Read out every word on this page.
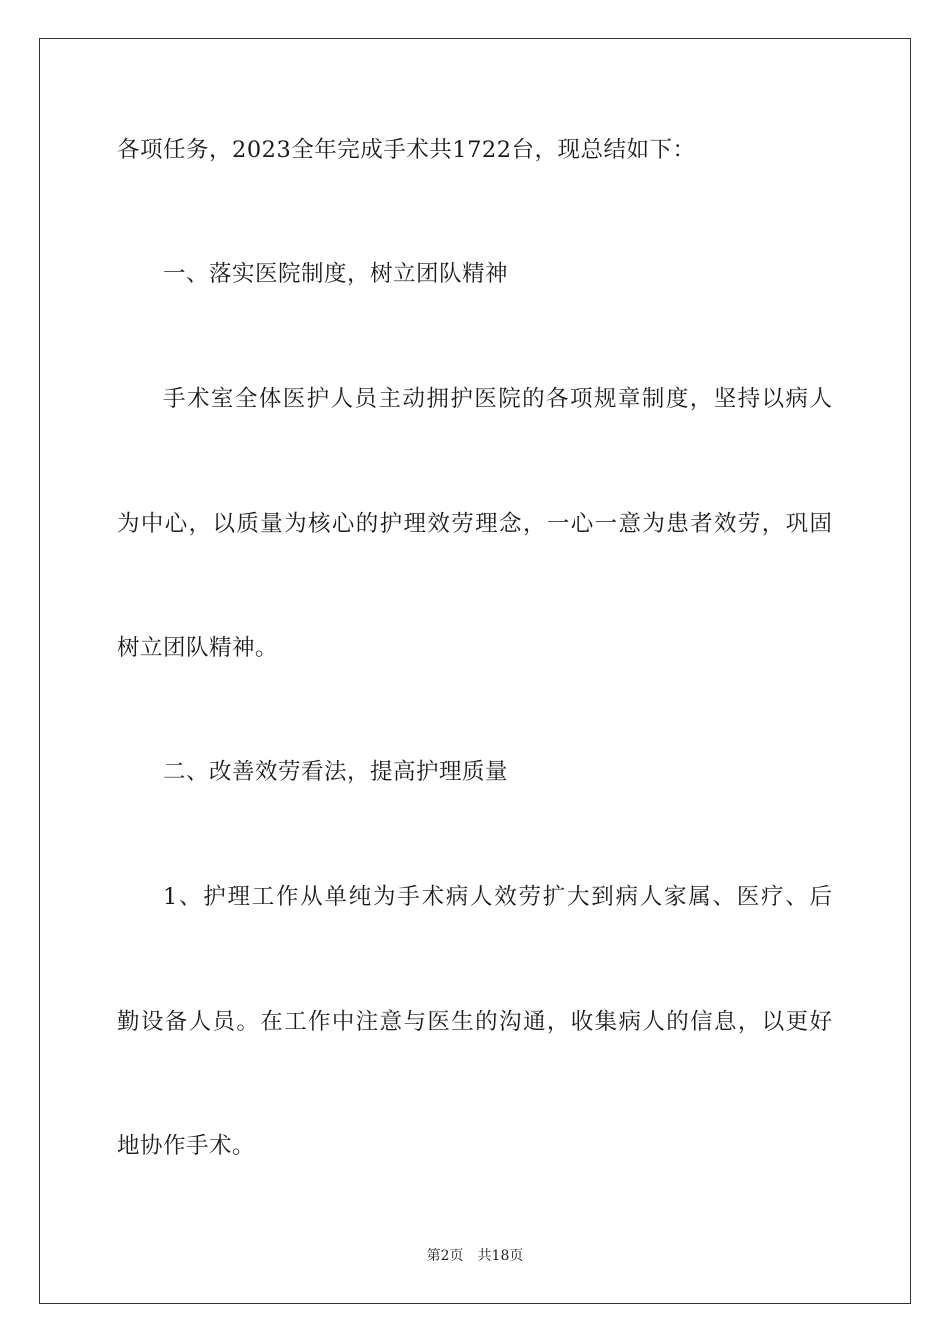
各项任务，2023全年完成手术共1722台，现总结如下：
一、落实医院制度，树立团队精神
手术室全体医护人员主动拥护医院的各项规章制度，坚持以病人
为中心，以质量为核心的护理效劳理念，一心一意为患者效劳，巩固
树立团队精神。
二、改善效劳看法，提高护理质量
1、护理工作从单纯为手术病人效劳扩大到病人家属、医疗、后
勤设备人员。在工作中注意与医生的沟通，收集病人的信息，以更好
地协作手术。
第2页 共18页
